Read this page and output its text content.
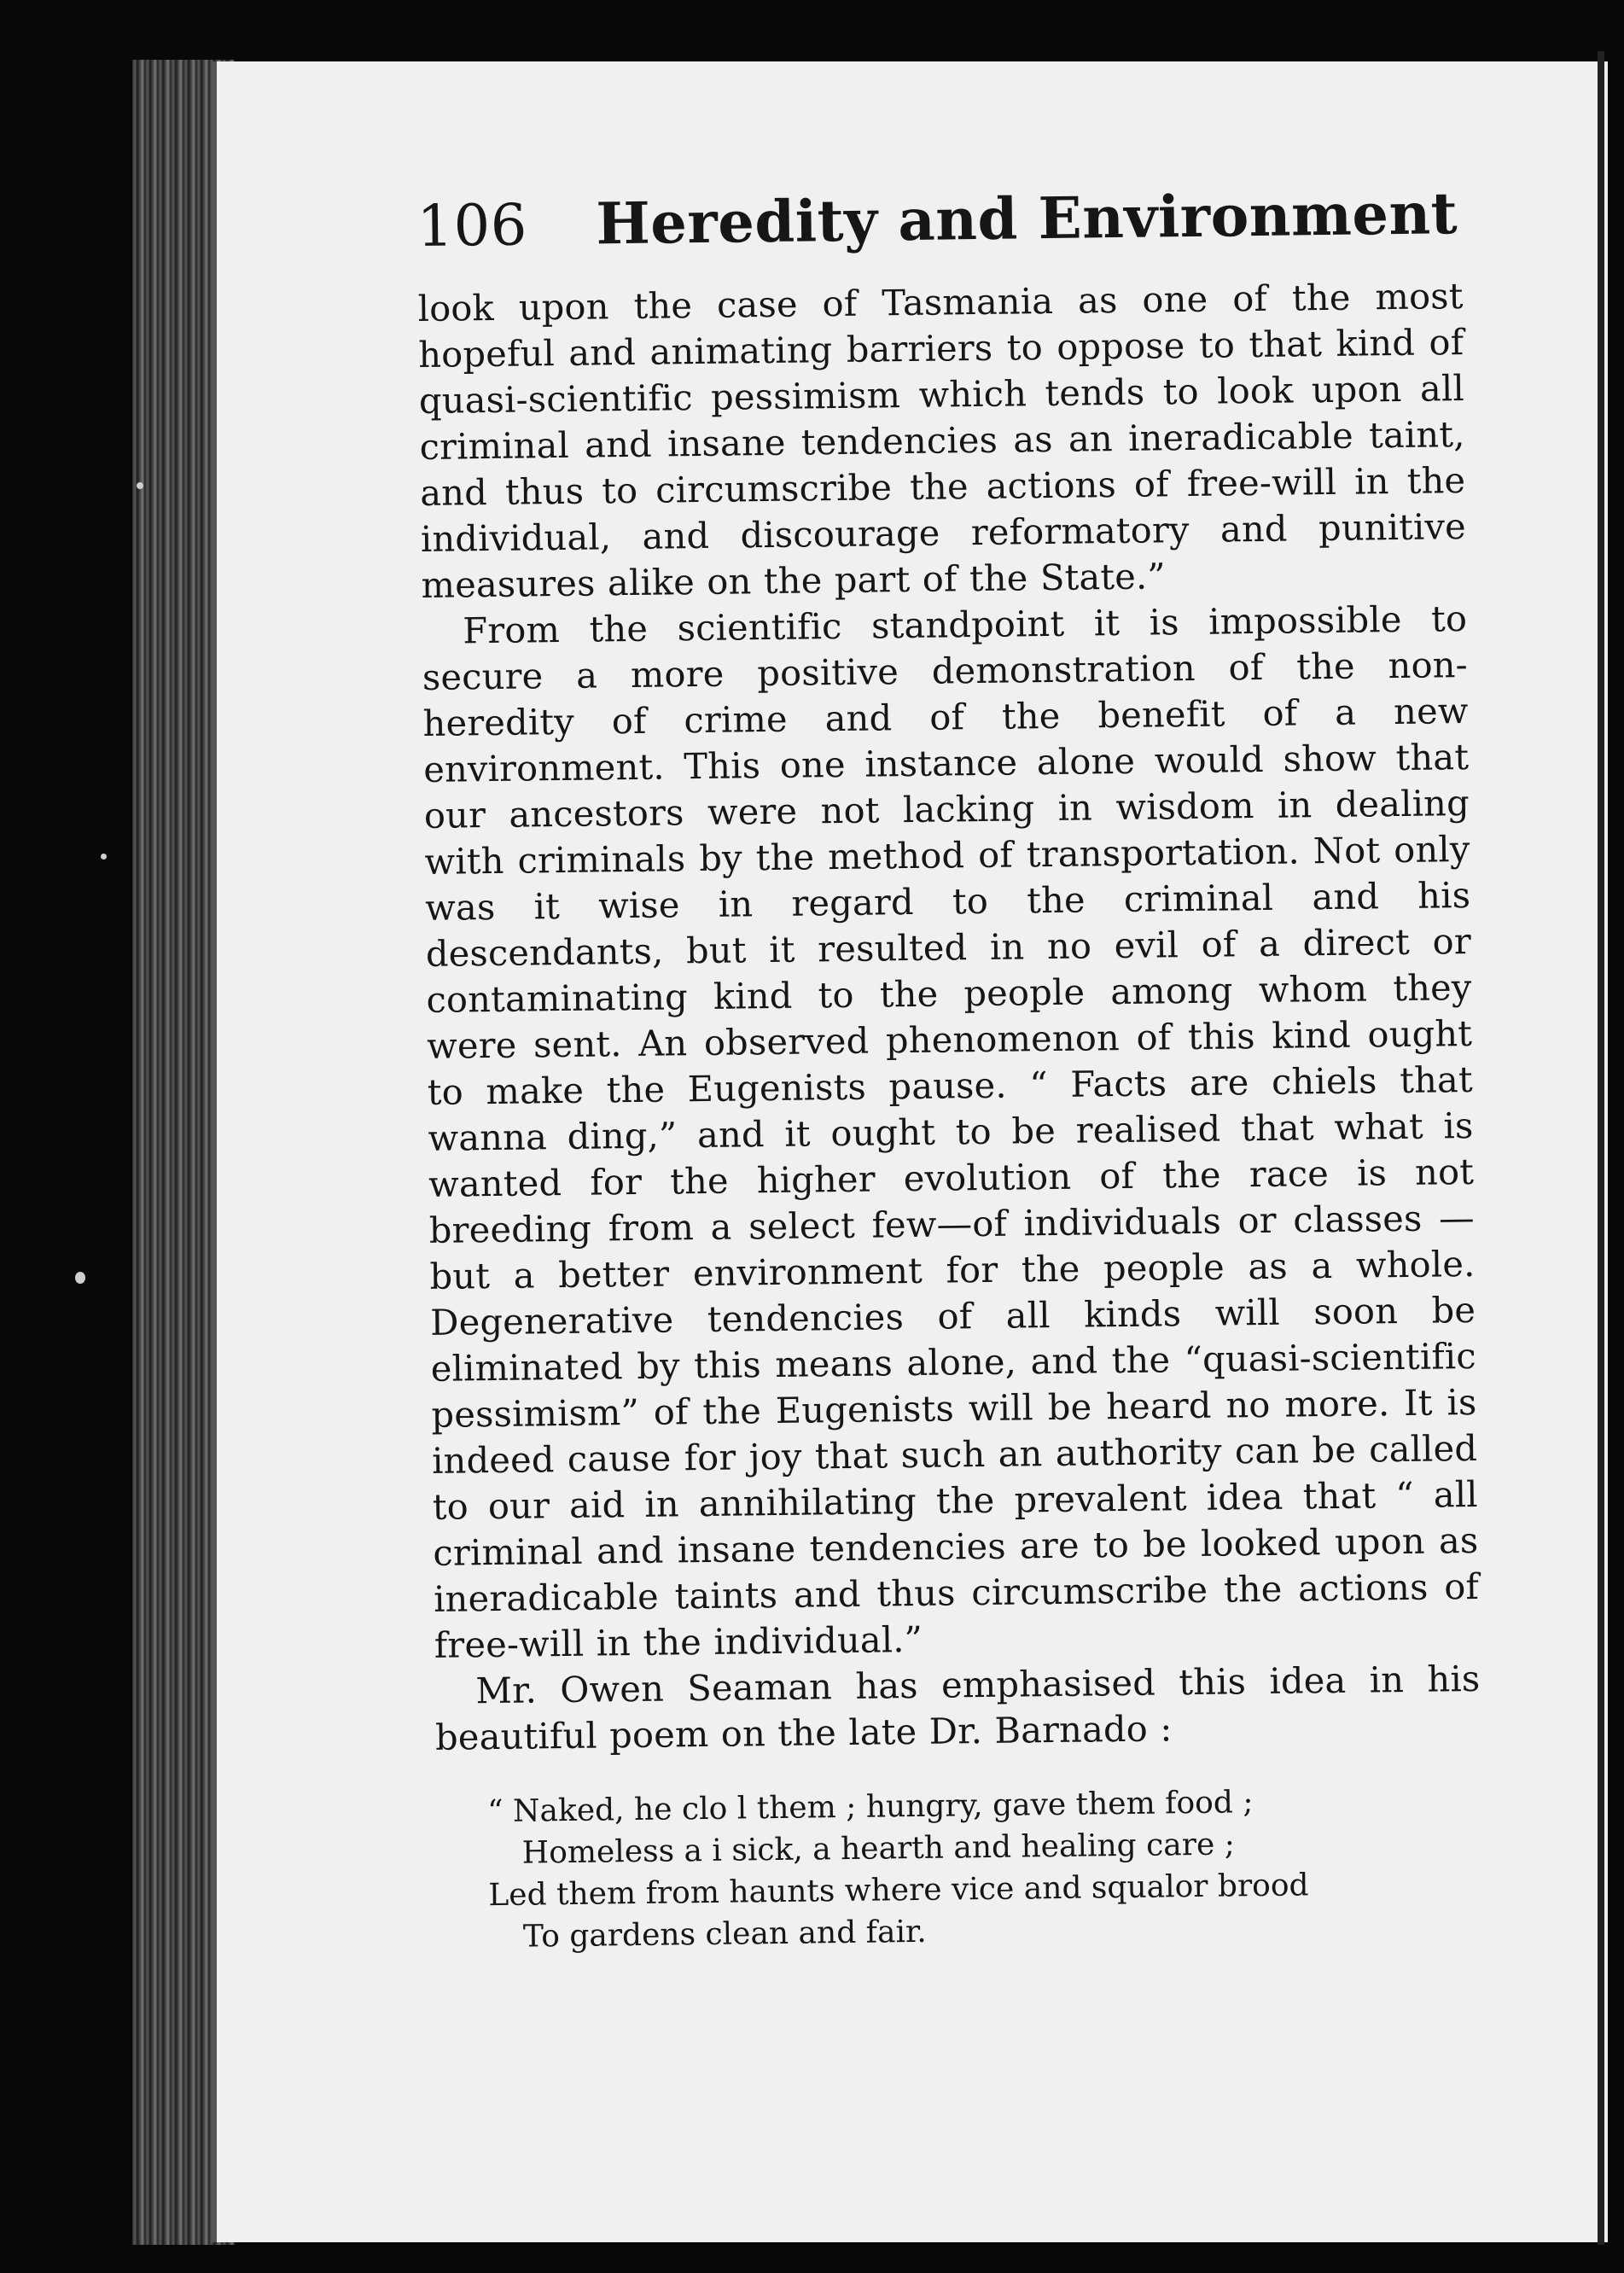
106	Heredity and Environment

look upon the case of Tasmania as one of the most hopeful and animating barriers to oppose to that kind of quasi-scientific pessimism which tends to look upon all criminal and insane tendencies as an ineradicable taint, and thus to circumscribe the actions of free-will in the individual, and discourage reformatory and punitive measures alike on the part of the State.”

From the scientific standpoint it is impossible to secure a more positive demonstration of the non-heredity of crime and of the benefit of a new environment. This one instance alone would show that our ancestors were not lacking in wisdom in dealing with criminals by the method of transportation. Not only was it wise in regard to the criminal and his descendants, but it resulted in no evil of a direct or contaminating kind to the people among whom they were sent. An observed phenomenon of this kind ought to make the Eugenists pause. “ Facts are chiels that wanna ding,” and it ought to be realised that what is wanted for the higher evolution of the race is not breeding from a select few—of individuals or classes —but a better environment for the people as a whole. Degenerative tendencies of all kinds will soon be eliminated by this means alone, and the “quasi-scientific pessimism” of the Eugenists will be heard no more. It is indeed cause for joy that such an authority can be called to our aid in annihilating the prevalent idea that “ all criminal and insane tendencies are to be looked upon as ineradicable taints and thus circumscribe the actions of free-will in the individual.”

Mr. Owen Seaman has emphasised this idea in his beautiful poem on the late Dr. Barnado :

“ Naked, he clo l them ; hungry, gave them food ;
Homeless a i sick, a hearth and healing care ;
Led them from haunts where vice and squalor brood
To gardens clean and fair.
